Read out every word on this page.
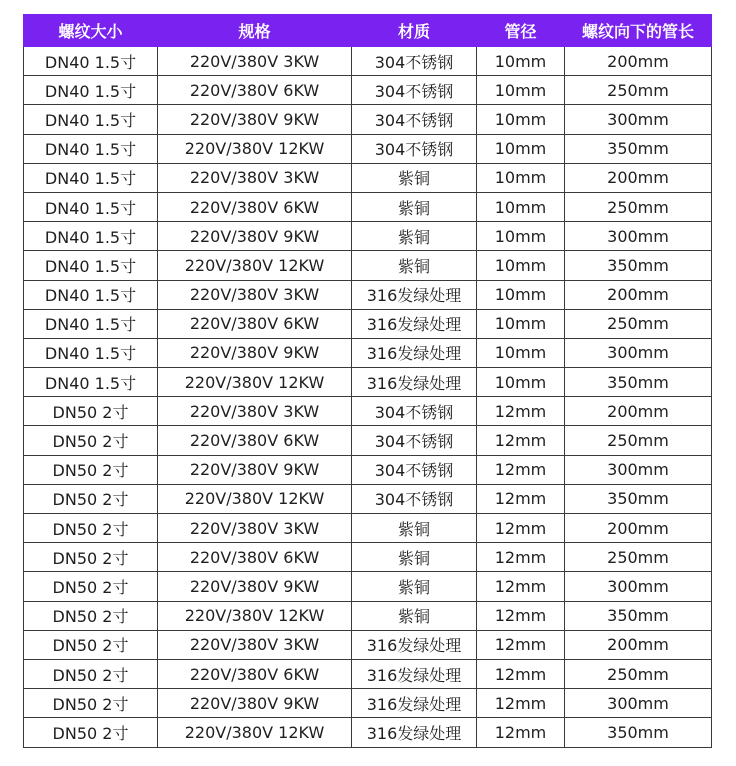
螺纹大小	规格	材质	管径	螺纹向下的管长
DN40 1.5寸	220V/380V 3KW	304不锈钢	10mm	200mm
DN40 1.5寸	220V/380V 6KW	304不锈钢	10mm	250mm
DN40 1.5寸	220V/380V 9KW	304不锈钢	10mm	300mm
DN40 1.5寸	220V/380V 12KW	304不锈钢	10mm	350mm
DN40 1.5寸	220V/380V 3KW	紫铜	10mm	200mm
DN40 1.5寸	220V/380V 6KW	紫铜	10mm	250mm
DN40 1.5寸	220V/380V 9KW	紫铜	10mm	300mm
DN40 1.5寸	220V/380V 12KW	紫铜	10mm	350mm
DN40 1.5寸	220V/380V 3KW	316发绿处理	10mm	200mm
DN40 1.5寸	220V/380V 6KW	316发绿处理	10mm	250mm
DN40 1.5寸	220V/380V 9KW	316发绿处理	10mm	300mm
DN40 1.5寸	220V/380V 12KW	316发绿处理	10mm	350mm
DN50 2寸	220V/380V 3KW	304不锈钢	12mm	200mm
DN50 2寸	220V/380V 6KW	304不锈钢	12mm	250mm
DN50 2寸	220V/380V 9KW	304不锈钢	12mm	300mm
DN50 2寸	220V/380V 12KW	304不锈钢	12mm	350mm
DN50 2寸	220V/380V 3KW	紫铜	12mm	200mm
DN50 2寸	220V/380V 6KW	紫铜	12mm	250mm
DN50 2寸	220V/380V 9KW	紫铜	12mm	300mm
DN50 2寸	220V/380V 12KW	紫铜	12mm	350mm
DN50 2寸	220V/380V 3KW	316发绿处理	12mm	200mm
DN50 2寸	220V/380V 6KW	316发绿处理	12mm	250mm
DN50 2寸	220V/380V 9KW	316发绿处理	12mm	300mm
DN50 2寸	220V/380V 12KW	316发绿处理	12mm	350mm
